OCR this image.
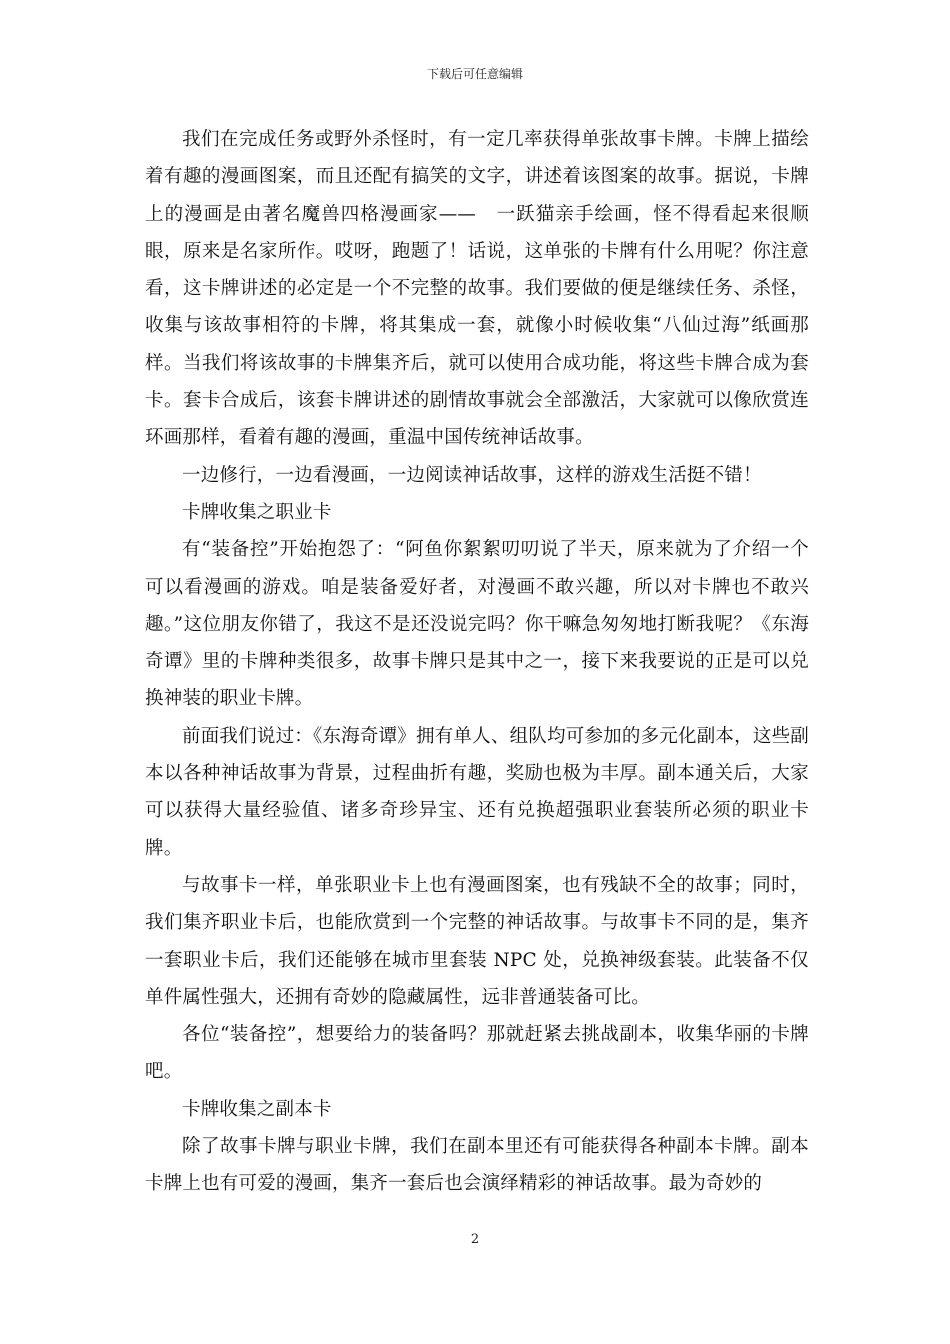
下载后可任意编辑

我们在完成任务或野外杀怪时，有一定几率获得单张故事卡牌。卡牌上描绘着有趣的漫画图案，而且还配有搞笑的文字，讲述着该图案的故事。据说，卡牌上的漫画是由著名魔兽四格漫画家——　一跃猫亲手绘画，怪不得看起来很顺眼，原来是名家所作。哎呀，跑题了！话说，这单张的卡牌有什么用呢？你注意看，这卡牌讲述的必定是一个不完整的故事。我们要做的便是继续任务、杀怪，收集与该故事相符的卡牌，将其集成一套，就像小时候收集“八仙过海”纸画那样。当我们将该故事的卡牌集齐后，就可以使用合成功能，将这些卡牌合成为套卡。套卡合成后，该套卡牌讲述的剧情故事就会全部激活，大家就可以像欣赏连环画那样，看着有趣的漫画，重温中国传统神话故事。

一边修行，一边看漫画，一边阅读神话故事，这样的游戏生活挺不错！

卡牌收集之职业卡

有“装备控”开始抱怨了：“阿鱼你絮絮叨叨说了半天，原来就为了介绍一个可以看漫画的游戏。咱是装备爱好者，对漫画不敢兴趣，所以对卡牌也不敢兴趣。”这位朋友你错了，我这不是还没说完吗？你干嘛急匆匆地打断我呢？《东海奇谭》里的卡牌种类很多，故事卡牌只是其中之一，接下来我要说的正是可以兑换神装的职业卡牌。

前面我们说过：《东海奇谭》拥有单人、组队均可参加的多元化副本，这些副本以各种神话故事为背景，过程曲折有趣，奖励也极为丰厚。副本通关后，大家可以获得大量经验值、诸多奇珍异宝、还有兑换超强职业套装所必须的职业卡牌。

与故事卡一样，单张职业卡上也有漫画图案，也有残缺不全的故事；同时，我们集齐职业卡后，也能欣赏到一个完整的神话故事。与故事卡不同的是，集齐一套职业卡后，我们还能够在城市里套装 NPC 处，兑换神级套装。此装备不仅单件属性强大，还拥有奇妙的隐藏属性，远非普通装备可比。

各位“装备控”，想要给力的装备吗？那就赶紧去挑战副本，收集华丽的卡牌吧。

卡牌收集之副本卡

除了故事卡牌与职业卡牌，我们在副本里还有可能获得各种副本卡牌。副本卡牌上也有可爱的漫画，集齐一套后也会演绎精彩的神话故事。最为奇妙的

2
